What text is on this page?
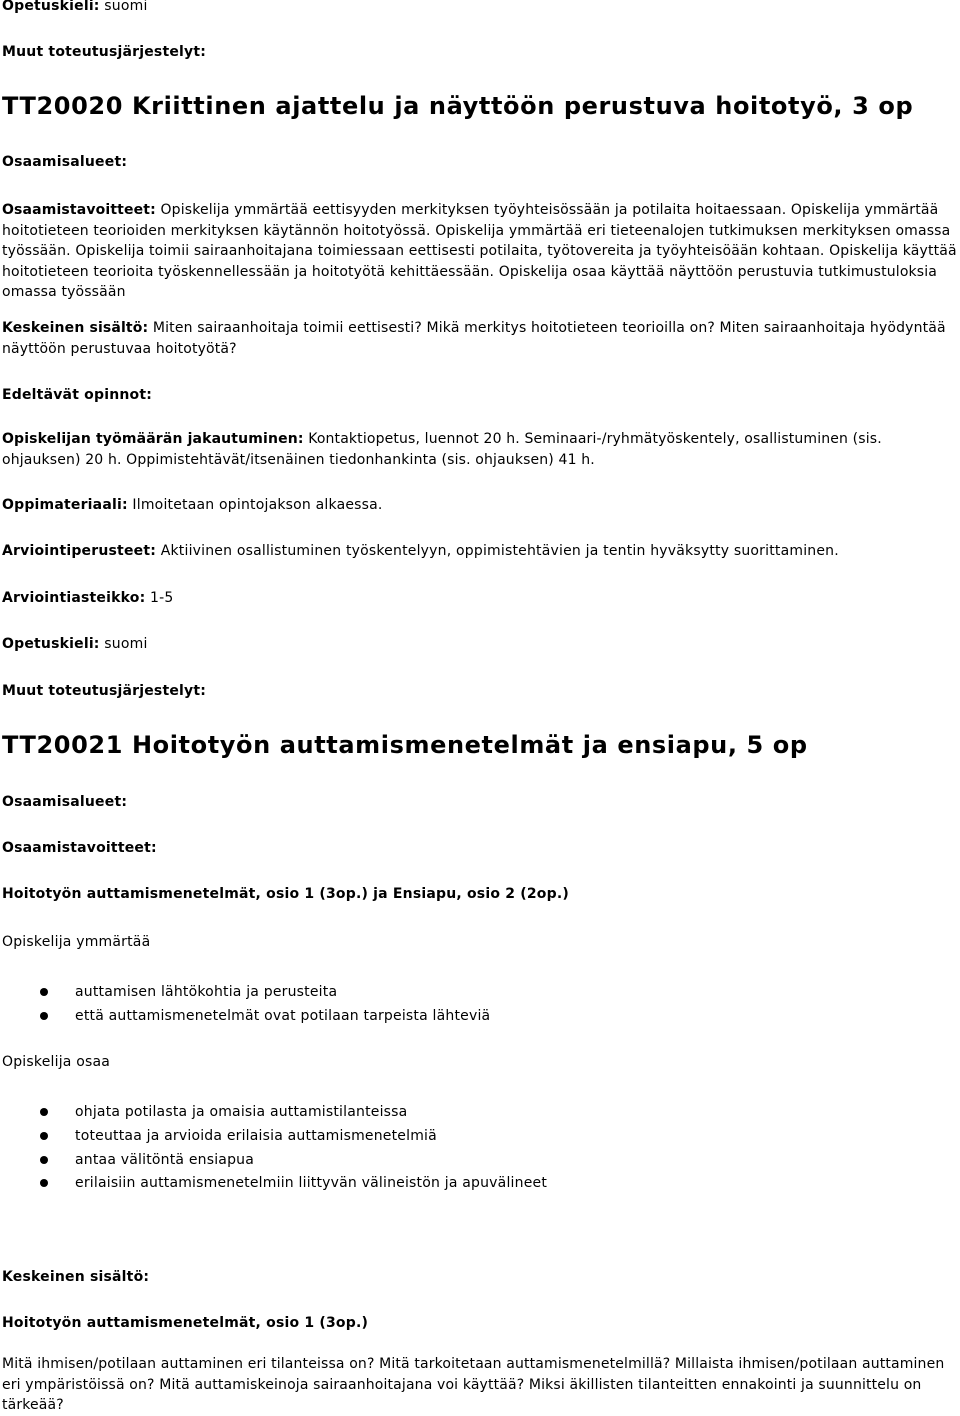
Opetuskieli: suomi
Muut toteutusjärjestelyt:
TT20020 Kriittinen ajattelu ja näyttöön perustuva hoitotyö, 3 op
Osaamisalueet:
Osaamistavoitteet: Opiskelija ymmärtää eettisyyden merkityksen työyhteisössään ja potilaita hoitaessaan. Opiskelija ymmärtää hoitotieteen teorioiden merkityksen käytännön hoitotyössä. Opiskelija ymmärtää eri tieteenalojen tutkimuksen merkityksen omassa työssään. Opiskelija toimii sairaanhoitajana toimiessaan eettisesti potilaita, työtovereita ja työyhteisöään kohtaan. Opiskelija käyttää hoitotieteen teorioita työskennellessään ja hoitotyötä kehittäessään. Opiskelija osaa käyttää näyttöön perustuvia tutkimustuloksia omassa työssään
Keskeinen sisältö: Miten sairaanhoitaja toimii eettisesti? Mikä merkitys hoitotieteen teorioilla on? Miten sairaanhoitaja hyödyntää näyttöön perustuvaa hoitotyötä?
Edeltävät opinnot:
Opiskelijan työmäärän jakautuminen: Kontaktiopetus, luennot 20 h. Seminaari-/ryhmätyöskentely, osallistuminen (sis. ohjauksen) 20 h. Oppimistehtävät/itsenäinen tiedonhankinta (sis. ohjauksen) 41 h.
Oppimateriaali: Ilmoitetaan opintojakson alkaessa.
Arviointiperusteet: Aktiivinen osallistuminen työskentelyyn, oppimistehtävien ja tentin hyväksytty suorittaminen.
Arviointiasteikko: 1-5
Opetuskieli: suomi
Muut toteutusjärjestelyt:
TT20021 Hoitotyön auttamismenetelmät ja ensiapu, 5 op
Osaamisalueet:
Osaamistavoitteet:
Hoitotyön auttamismenetelmät, osio 1 (3op.) ja Ensiapu, osio 2 (2op.)
Opiskelija ymmärtää
auttamisen lähtökohtia ja perusteita
että auttamismenetelmät ovat potilaan tarpeista lähteviä
Opiskelija osaa
ohjata potilasta ja omaisia auttamistilanteissa
toteuttaa ja arvioida erilaisia auttamismenetelmiä
antaa välitöntä ensiapua
erilaisiin auttamismenetelmiin liittyvän välineistön ja apuvälineet
Keskeinen sisältö:
Hoitotyön auttamismenetelmät, osio 1 (3op.)
Mitä ihmisen/potilaan auttaminen eri tilanteissa on? Mitä tarkoitetaan auttamismenetelmillä? Millaista ihmisen/potilaan auttaminen eri ympäristöissä on? Mitä auttamiskeinoja sairaanhoitajana voi käyttää? Miksi äkillisten tilanteitten ennakointi ja suunnittelu on tärkeää?
